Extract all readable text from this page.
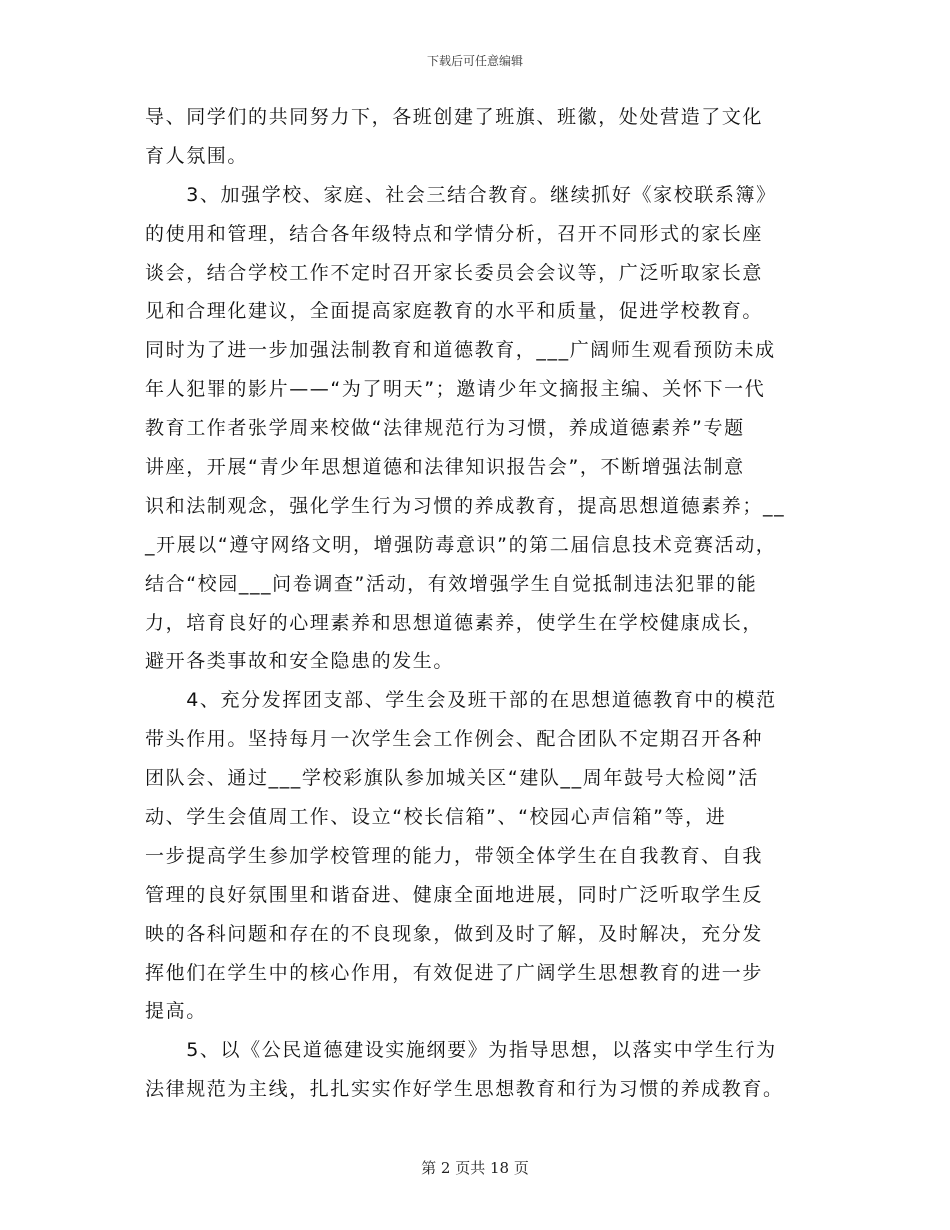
下载后可任意编辑
导、同学们的共同努力下，各班创建了班旗、班徽，处处营造了文化
育人氛围。
　　3、加强学校、家庭、社会三结合教育。继续抓好《家校联系簿》
的使用和管理，结合各年级特点和学情分析，召开不同形式的家长座
谈会，结合学校工作不定时召开家长委员会会议等，广泛听取家长意
见和合理化建议，全面提高家庭教育的水平和质量，促进学校教育。
同时为了进一步加强法制教育和道德教育，___广阔师生观看预防未成
年人犯罪的影片——“为了明天”；邀请少年文摘报主编、关怀下一代
教育工作者张学周来校做“法律规范行为习惯，养成道德素养”专题
讲座，开展“青少年思想道德和法律知识报告会”，不断增强法制意
识和法制观念，强化学生行为习惯的养成教育，提高思想道德素养；__
_开展以“遵守网络文明，增强防毒意识”的第二届信息技术竞赛活动，
结合“校园___问卷调查”活动，有效增强学生自觉抵制违法犯罪的能
力，培育良好的心理素养和思想道德素养，使学生在学校健康成长，
避开各类事故和安全隐患的发生。
　　4、充分发挥团支部、学生会及班干部的在思想道德教育中的模范
带头作用。坚持每月一次学生会工作例会、配合团队不定期召开各种
团队会、通过___学校彩旗队参加城关区“建队__周年鼓号大检阅”活
动、学生会值周工作、设立“校长信箱”、“校园心声信箱”等，进
一步提高学生参加学校管理的能力，带领全体学生在自我教育、自我
管理的良好氛围里和谐奋进、健康全面地进展，同时广泛听取学生反
映的各科问题和存在的不良现象，做到及时了解，及时解决，充分发
挥他们在学生中的核心作用，有效促进了广阔学生思想教育的进一步
提高。
　　5、以《公民道德建设实施纲要》为指导思想，以落实中学生行为
法律规范为主线，扎扎实实作好学生思想教育和行为习惯的养成教育。
第 2 页共 18 页
